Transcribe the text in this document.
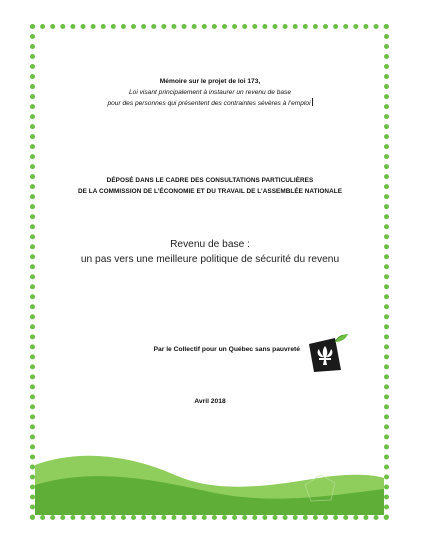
Mémoire sur le projet de loi 173,
Loi visant principalement à instaurer un revenu de base
pour des personnes qui présentent des contraintes sévères à l’emploi
DÉPOSÉ DANS LE CADRE DES CONSULTATIONS PARTICULIÈRES
DE LA COMMISSION DE L’ÉCONOMIE ET DU TRAVAIL DE L’ASSEMBLÉE NATIONALE
Revenu de base :
un pas vers une meilleure politique de sécurité du revenu
Par le Collectif pour un Québec sans pauvreté
Avril 2018
